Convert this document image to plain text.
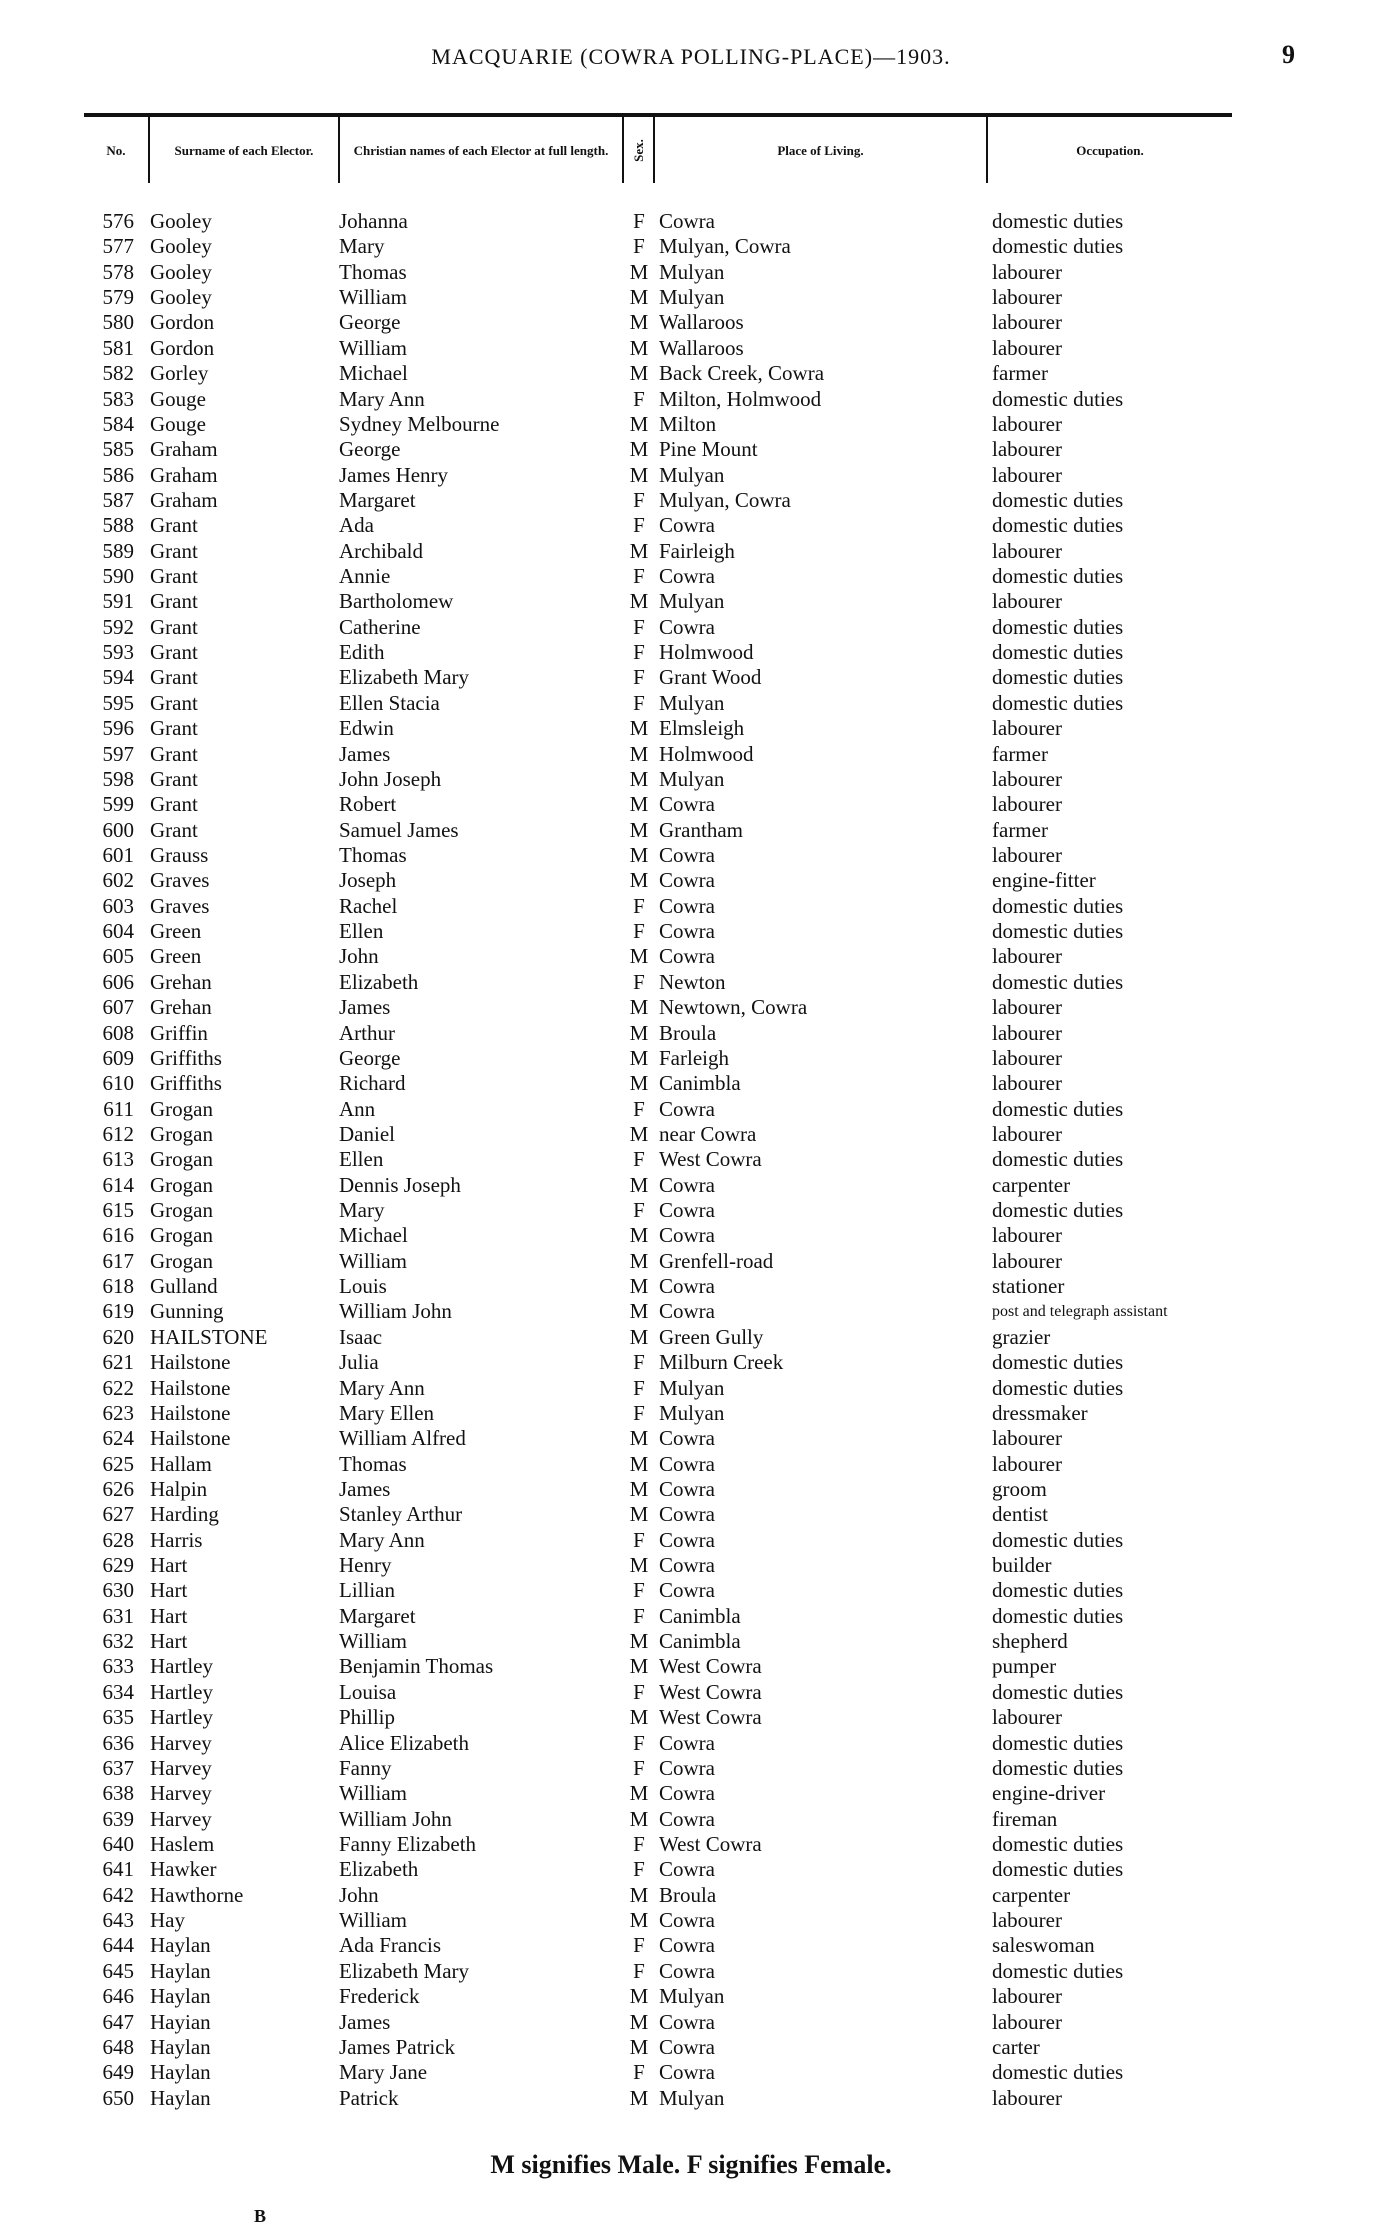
MACQUARIE (COWRA POLLING-PLACE)—1903.	9
No.	Surname of each Elector.	Christian names of each Elector at full length.	Sex.	Place of Living.	Occupation.
576 Gooley	Johanna	F Cowra	domestic duties
577 Gooley	Mary	F Mulyan, Cowra	domestic duties
578 Gooley	Thomas	M Mulyan	labourer
579 Gooley	William	M Mulyan	labourer
580 Gordon	George	M Wallaroos	labourer
581 Gordon	William	M Wallaroos	labourer
582 Gorley	Michael	M Back Creek, Cowra	farmer
583 Gouge	Mary Ann	F Milton, Holmwood	domestic duties
584 Gouge	Sydney Melbourne	M Milton	labourer
585 Graham	George	M Pine Mount	labourer
586 Graham	James Henry	M Mulyan	labourer
587 Graham	Margaret	F Mulyan, Cowra	domestic duties
588 Grant	Ada	F Cowra	domestic duties
589 Grant	Archibald	M Fairleigh	labourer
590 Grant	Annie	F Cowra	domestic duties
591 Grant	Bartholomew	M Mulyan	labourer
592 Grant	Catherine	F Cowra	domestic duties
593 Grant	Edith	F Holmwood	domestic duties
594 Grant	Elizabeth Mary	F Grant Wood	domestic duties
595 Grant	Ellen Stacia	F Mulyan	domestic duties
596 Grant	Edwin	M Elmsleigh	labourer
597 Grant	James	M Holmwood	farmer
598 Grant	John Joseph	M Mulyan	labourer
599 Grant	Robert	M Cowra	labourer
600 Grant	Samuel James	M Grantham	farmer
601 Grauss	Thomas	M Cowra	labourer
602 Graves	Joseph	M Cowra	engine-fitter
603 Graves	Rachel	F Cowra	domestic duties
604 Green	Ellen	F Cowra	domestic duties
605 Green	John	M Cowra	labourer
606 Grehan	Elizabeth	F Newton	domestic duties
607 Grehan	James	M Newtown, Cowra	labourer
608 Griffin	Arthur	M Broula	labourer
609 Griffiths	George	M Farleigh	labourer
610 Griffiths	Richard	M Canimbla	labourer
611 Grogan	Ann	F Cowra	domestic duties
612 Grogan	Daniel	M near Cowra	labourer
613 Grogan	Ellen	F West Cowra	domestic duties
614 Grogan	Dennis Joseph	M Cowra	carpenter
615 Grogan	Mary	F Cowra	domestic duties
616 Grogan	Michael	M Cowra	labourer
617 Grogan	William	M Grenfell-road	labourer
618 Gulland	Louis	M Cowra	stationer
619 Gunning	William John	M Cowra	post and telegraph assistant
620 HAILSTONE	Isaac	M Green Gully	grazier
621 Hailstone	Julia	F Milburn Creek	domestic duties
622 Hailstone	Mary Ann	F Mulyan	domestic duties
623 Hailstone	Mary Ellen	F Mulyan	dressmaker
624 Hailstone	William Alfred	M Cowra	labourer
625 Hallam	Thomas	M Cowra	labourer
626 Halpin	James	M Cowra	groom
627 Harding	Stanley Arthur	M Cowra	dentist
628 Harris	Mary Ann	F Cowra	domestic duties
629 Hart	Henry	M Cowra	builder
630 Hart	Lillian	F Cowra	domestic duties
631 Hart	Margaret	F Canimbla	domestic duties
632 Hart	William	M Canimbla	shepherd
633 Hartley	Benjamin Thomas	M West Cowra	pumper
634 Hartley	Louisa	F West Cowra	domestic duties
635 Hartley	Phillip	M West Cowra	labourer
636 Harvey	Alice Elizabeth	F Cowra	domestic duties
637 Harvey	Fanny	F Cowra	domestic duties
638 Harvey	William	M Cowra	engine-driver
639 Harvey	William John	M Cowra	fireman
640 Haslem	Fanny Elizabeth	F West Cowra	domestic duties
641 Hawker	Elizabeth	F Cowra	domestic duties
642 Hawthorne	John	M Broula	carpenter
643 Hay	William	M Cowra	labourer
644 Haylan	Ada Francis	F Cowra	saleswoman
645 Haylan	Elizabeth Mary	F Cowra	domestic duties
646 Haylan	Frederick	M Mulyan	labourer
647 Hayian	James	M Cowra	labourer
648 Haylan	James Patrick	M Cowra	carter
649 Haylan	Mary Jane	F Cowra	domestic duties
650 Haylan	Patrick	M Mulyan	labourer
M signifies Male. F signifies Female.
B
